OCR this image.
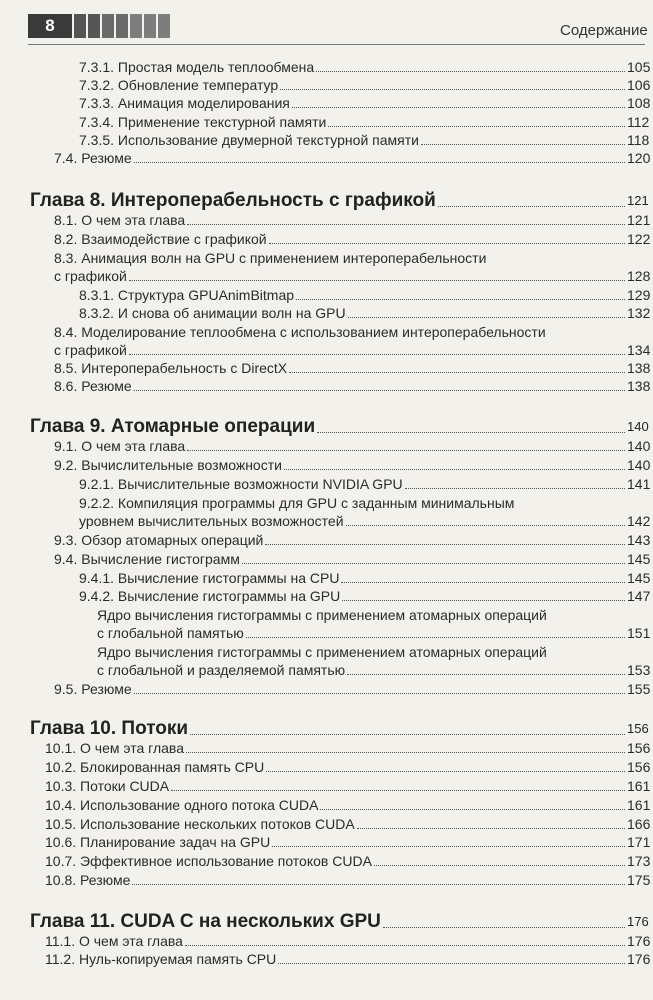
8	Содержание
7.3.1. Простая модель теплообмена	105
7.3.2. Обновление температур	106
7.3.3. Анимация моделирования	108
7.3.4. Применение текстурной памяти	112
7.3.5. Использование двумерной текстурной памяти	118
7.4. Резюме	120
Глава 8. Интероперабельность с графикой	121
8.1. О чем эта глава	121
8.2. Взаимодействие с графикой	122
8.3. Анимация волн на GPU с применением интероперабельности
с графикой	128
8.3.1. Структура GPUAnimBitmap	129
8.3.2. И снова об анимации волн на GPU	132
8.4. Моделирование теплообмена с использованием интероперабельности
с графикой	134
8.5. Интероперабельность с DirectX	138
8.6. Резюме	138
Глава 9. Атомарные операции	140
9.1. О чем эта глава	140
9.2. Вычислительные возможности	140
9.2.1. Вычислительные возможности NVIDIA GPU	141
9.2.2. Компиляция программы для GPU с заданным минимальным
уровнем вычислительных возможностей	142
9.3. Обзор атомарных операций	143
9.4. Вычисление гистограмм	145
9.4.1. Вычисление гистограммы на CPU	145
9.4.2. Вычисление гистограммы на GPU	147
Ядро вычисления гистограммы с применением атомарных операций
с глобальной памятью	151
Ядро вычисления гистограммы с применением атомарных операций
с глобальной и разделяемой памятью	153
9.5. Резюме	155
Глава 10. Потоки	156
10.1. О чем эта глава	156
10.2. Блокированная память CPU	156
10.3. Потоки CUDA	161
10.4. Использование одного потока CUDA	161
10.5. Использование нескольких потоков CUDA	166
10.6. Планирование задач на GPU	171
10.7. Эффективное использование потоков CUDA	173
10.8. Резюме	175
Глава 11. CUDA C на нескольких GPU	176
11.1. О чем эта глава	176
11.2. Нуль-копируемая память CPU	176
